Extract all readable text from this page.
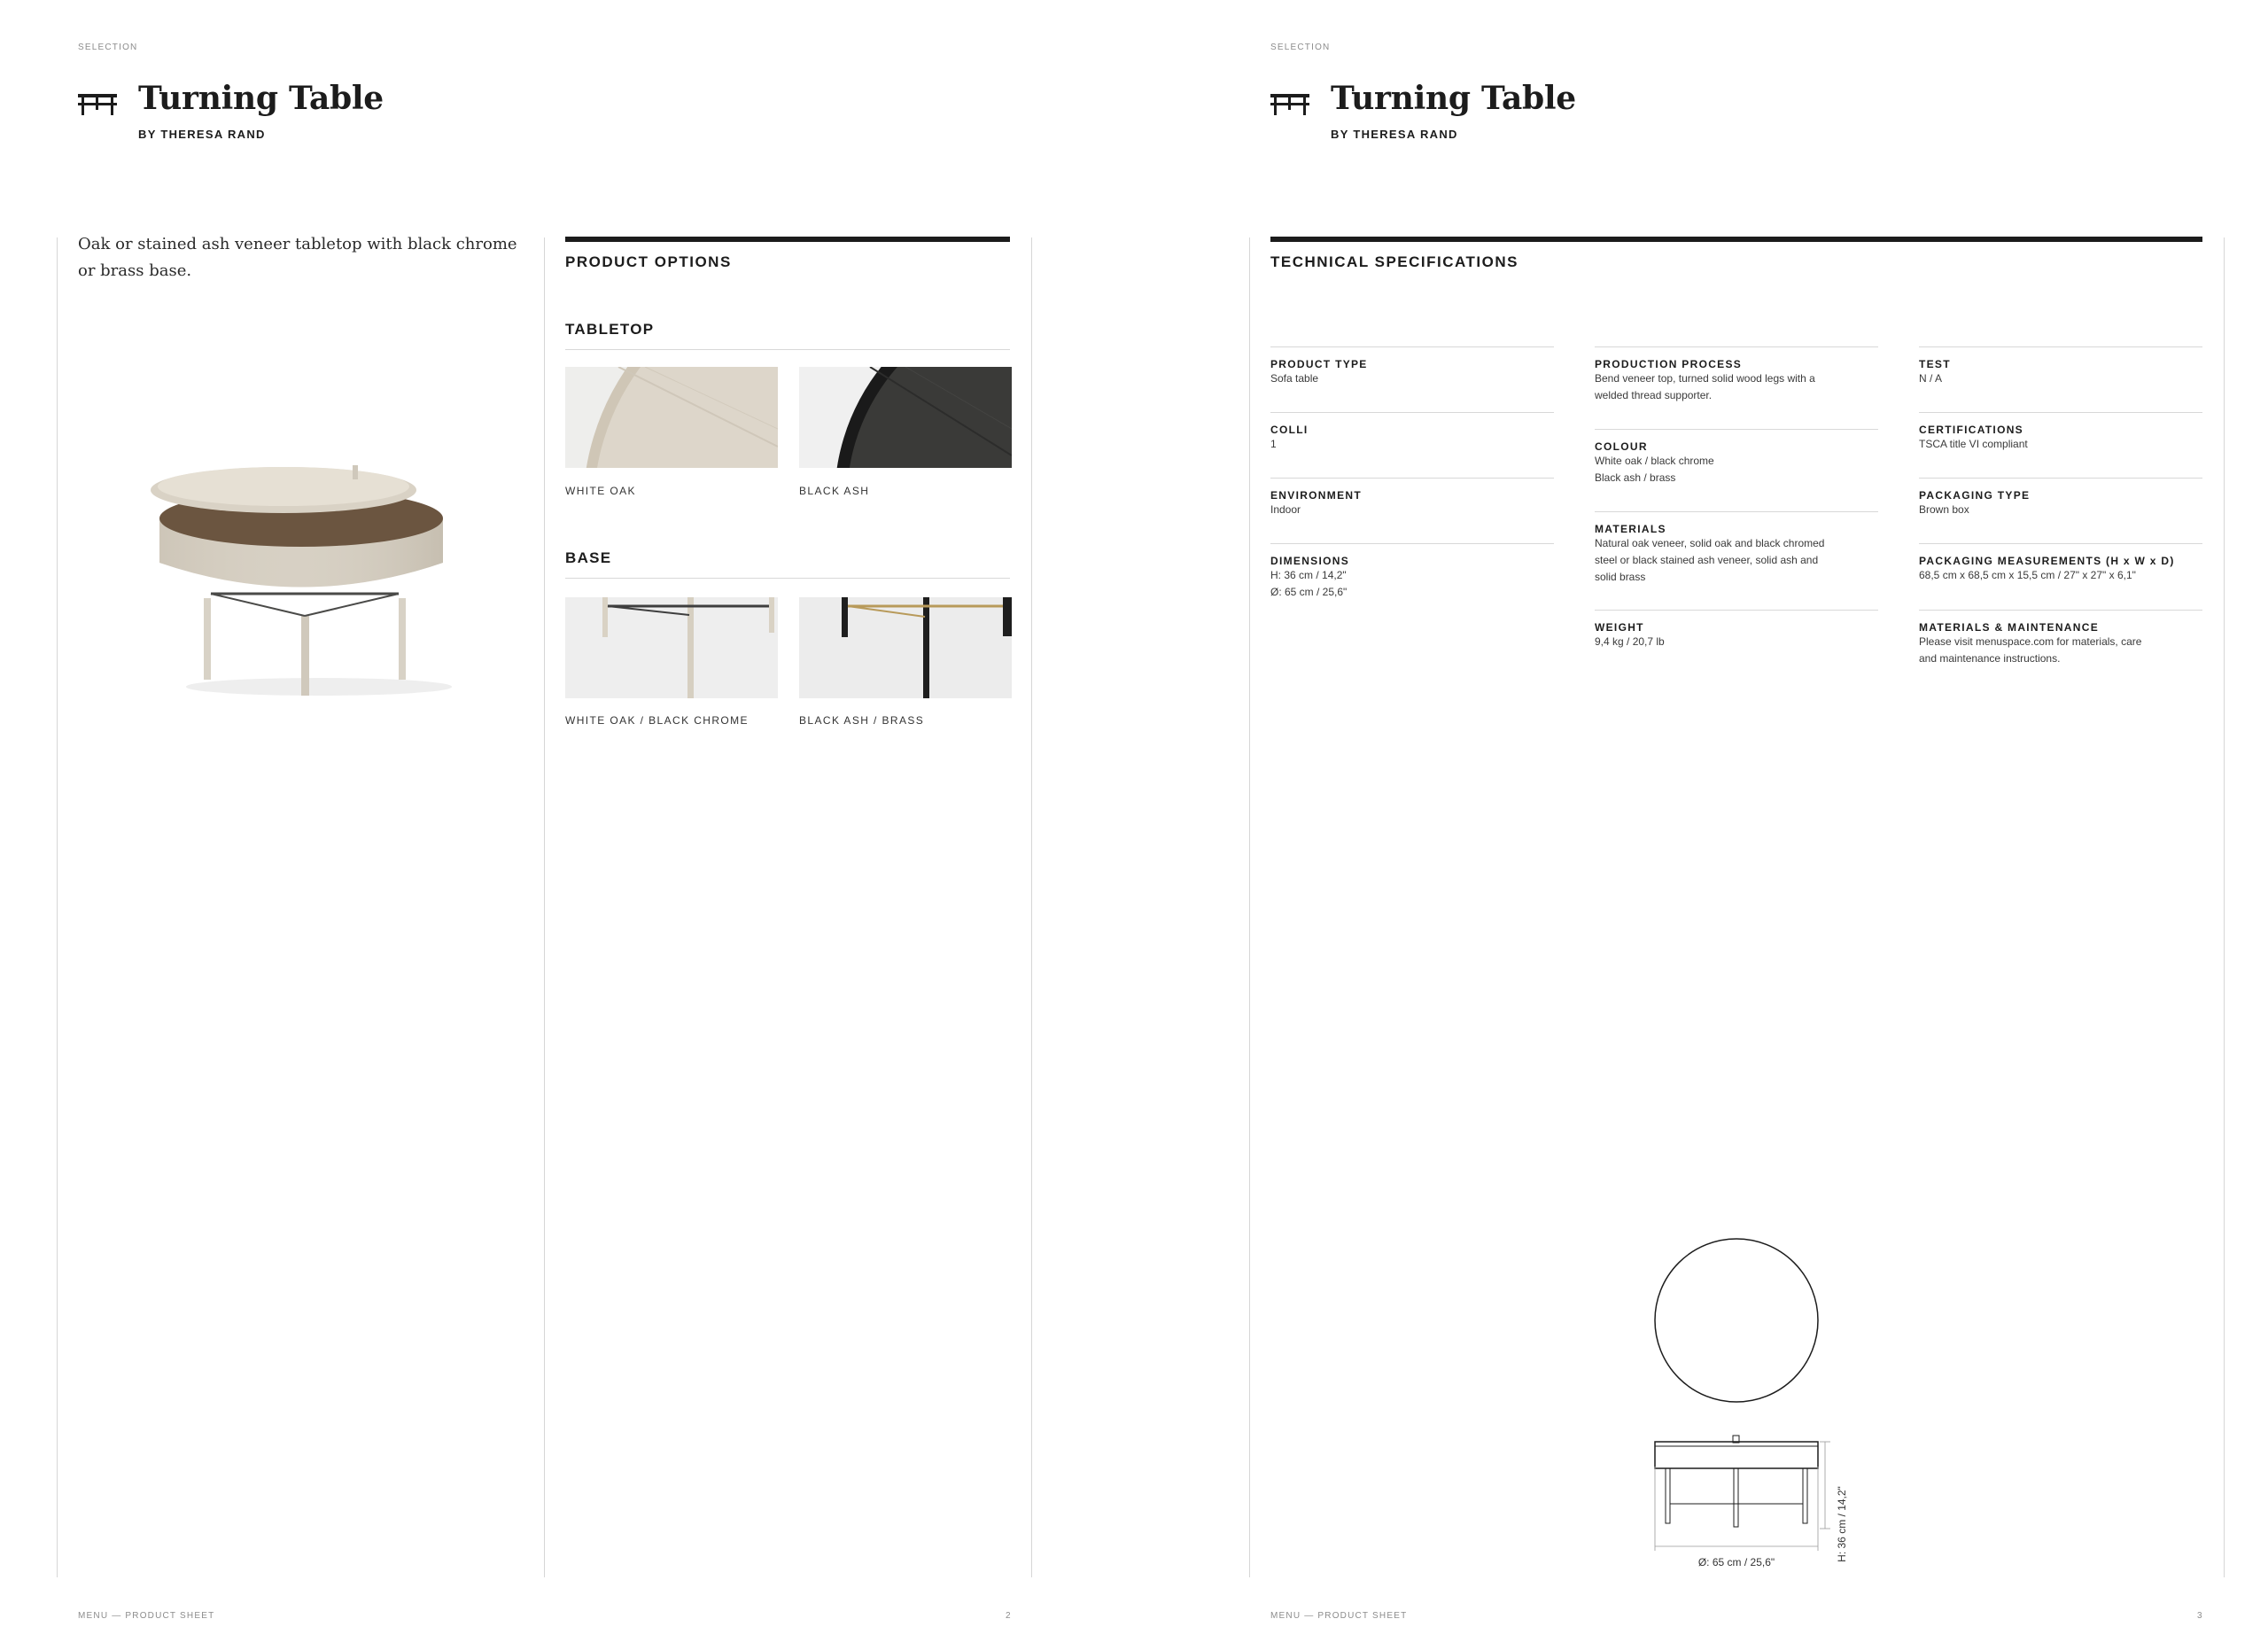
SELECTION
Turning Table
BY THERESA RAND
Oak or stained ash veneer tabletop with black chrome or brass base.	PRODUCT OPTIONS
TABLETOP
WHITE OAK	BLACK ASH
BASE
WHITE OAK / BLACK CHROME	BLACK ASH / BRASS
MENU — PRODUCT SHEET	2
SELECTION
Turning Table
BY THERESA RAND
TECHNICAL SPECIFICATIONS
PRODUCT TYPE
Sofa table
COLLI
1
ENVIRONMENT
Indoor
DIMENSIONS
H: 36 cm / 14,2"
Ø: 65 cm / 25,6"
PRODUCTION PROCESS
Bend veneer top, turned solid wood legs with a
welded thread supporter.
COLOUR
White oak / black chrome
Black ash / brass
MATERIALS
Natural oak veneer, solid oak and black chromed
steel or black stained ash veneer, solid ash and
solid brass
WEIGHT
9,4 kg / 20,7 lb
TEST
N / A
CERTIFICATIONS
TSCA title VI compliant
PACKAGING TYPE
Brown box
PACKAGING MEASUREMENTS (H x W x D)
68,5 cm x 68,5 cm x 15,5 cm / 27" x 27" x 6,1"
MATERIALS & MAINTENANCE
Please visit menuspace.com for materials, care
and maintenance instructions.
H: 36 cm / 14,2"
Ø: 65 cm / 25,6"
MENU — PRODUCT SHEET	3
